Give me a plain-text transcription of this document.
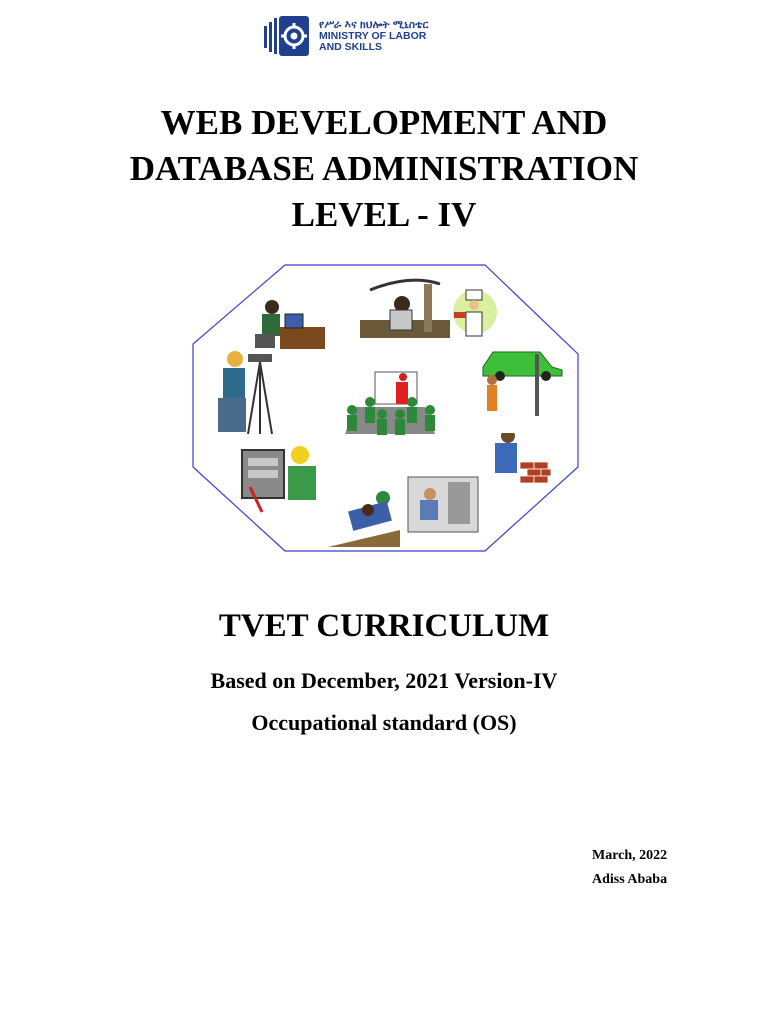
የሥራ እና ክህሎት ሚኒስቴር
MINISTRY OF LABOR
AND SKILLS
WEB DEVELOPMENT AND
DATABASE ADMINISTRATION
LEVEL - IV
TVET CURRICULUM
Based on December, 2021 Version-IV
Occupational standard (OS)
March, 2022
Adiss Ababa
